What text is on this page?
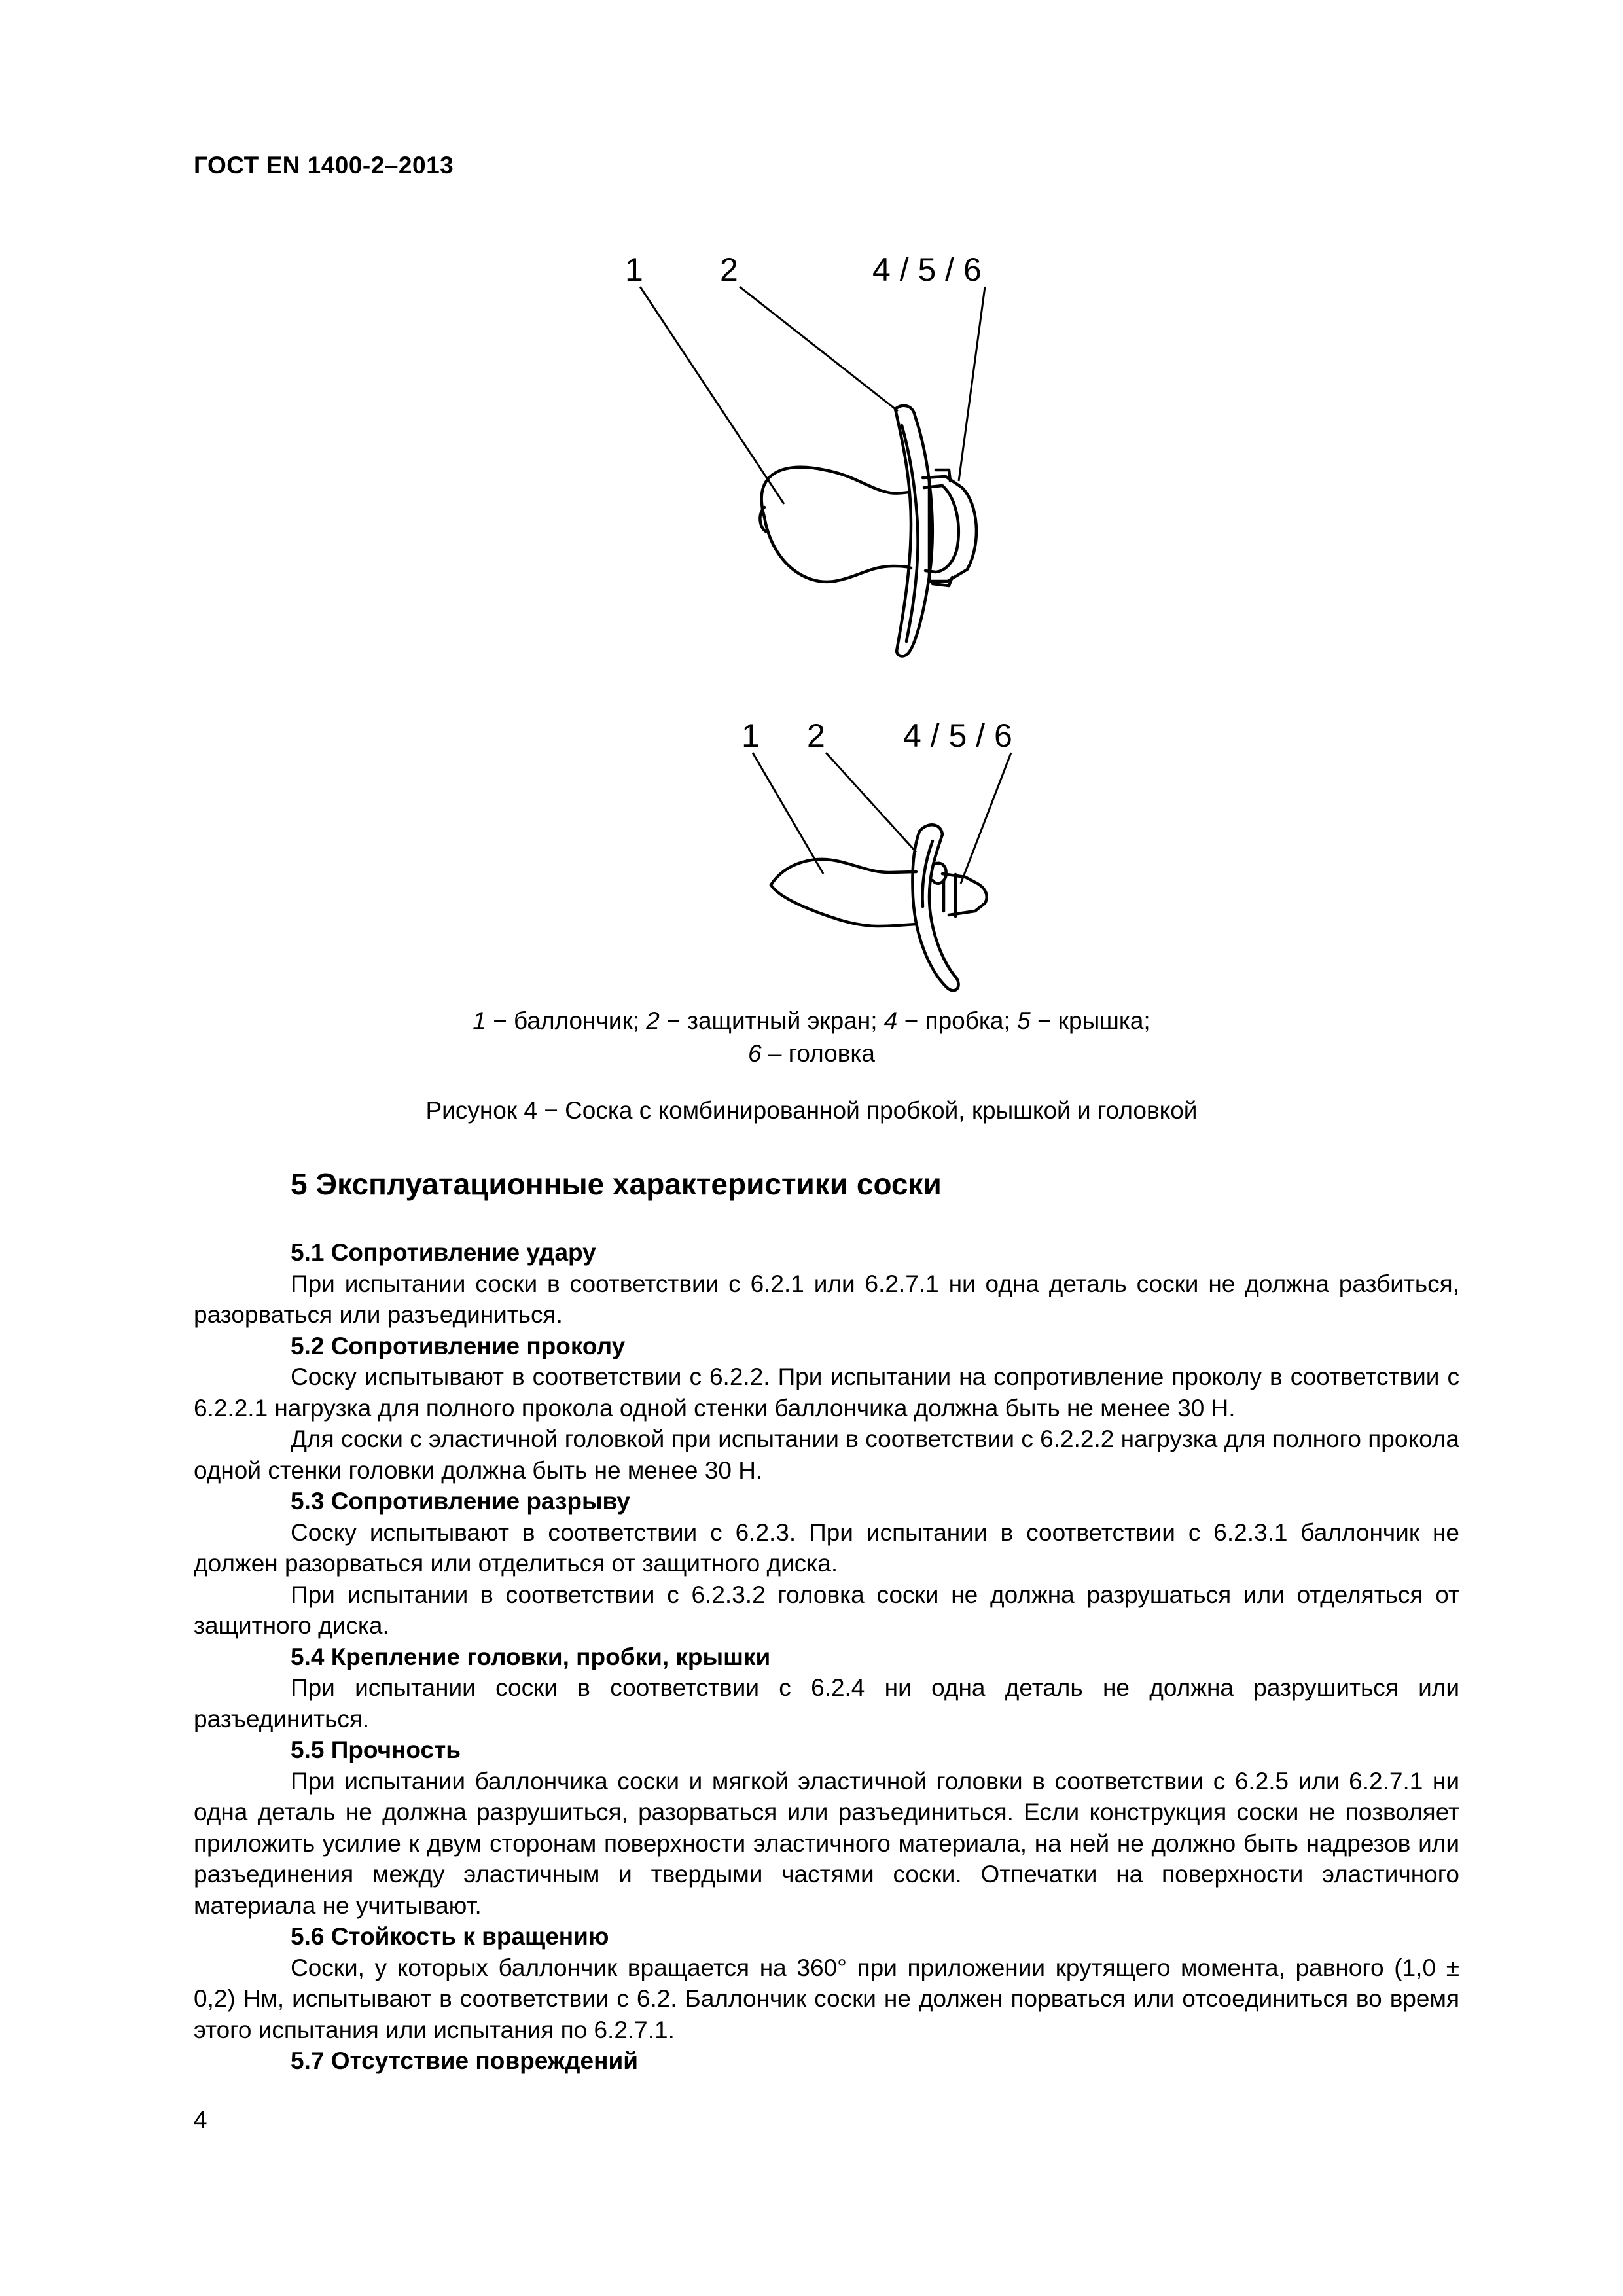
ГОСТ EN 1400-2–2013
1 2	4 / 5 / 6
1 2 4 / 5 / 6
1 − баллончик; 2 − защитный экран; 4 − пробка; 5 − крышка;
6 – головка
Рисунок 4 − Соска с комбинированной пробкой, крышкой и головкой
5 Эксплуатационные характеристики соски

5.1 Сопротивление удару

При испытании соски в соответствии с 6.2.1 или 6.2.7.1 ни одна деталь соски не должна разбиться, разорваться или разъединиться.

5.2 Сопротивление проколу

Соску испытывают в соответствии с 6.2.2. При испытании на сопротивление проколу в соответствии с 6.2.2.1 нагрузка для полного прокола одной стенки баллончика должна быть не менее 30 Н.

Для соски с эластичной головкой при испытании в соответствии с 6.2.2.2 нагрузка для полного прокола одной стенки головки должна быть не менее 30 Н.

5.3 Сопротивление разрыву

Соску испытывают в соответствии с 6.2.3. При испытании в соответствии с 6.2.3.1 баллончик не должен разорваться или отделиться от защитного диска.

При испытании в соответствии с 6.2.3.2 головка соски не должна разрушаться или отделяться от защитного диска.

5.4 Крепление головки, пробки, крышки

При испытании соски в соответствии с 6.2.4 ни одна деталь не должна разрушиться или разъединиться.

5.5 Прочность

При испытании баллончика соски и мягкой эластичной головки в соответствии с 6.2.5 или 6.2.7.1 ни одна деталь не должна разрушиться, разорваться или разъединиться. Если конструкция соски не позволяет приложить усилие к двум сторонам поверхности эластичного материала, на ней не должно быть надрезов или разъединения между эластичным и твердыми частями соски. Отпечатки на поверхности эластичного материала не учитывают.

5.6 Стойкость к вращению

Соски, у которых баллончик вращается на 360° при приложении крутящего момента, равного (1,0 ± 0,2) Нм, испытывают в соответствии с 6.2. Баллончик соски не должен порваться или отсоединиться во время этого испытания или испытания по 6.2.7.1.

5.7 Отсутствие повреждений

4
